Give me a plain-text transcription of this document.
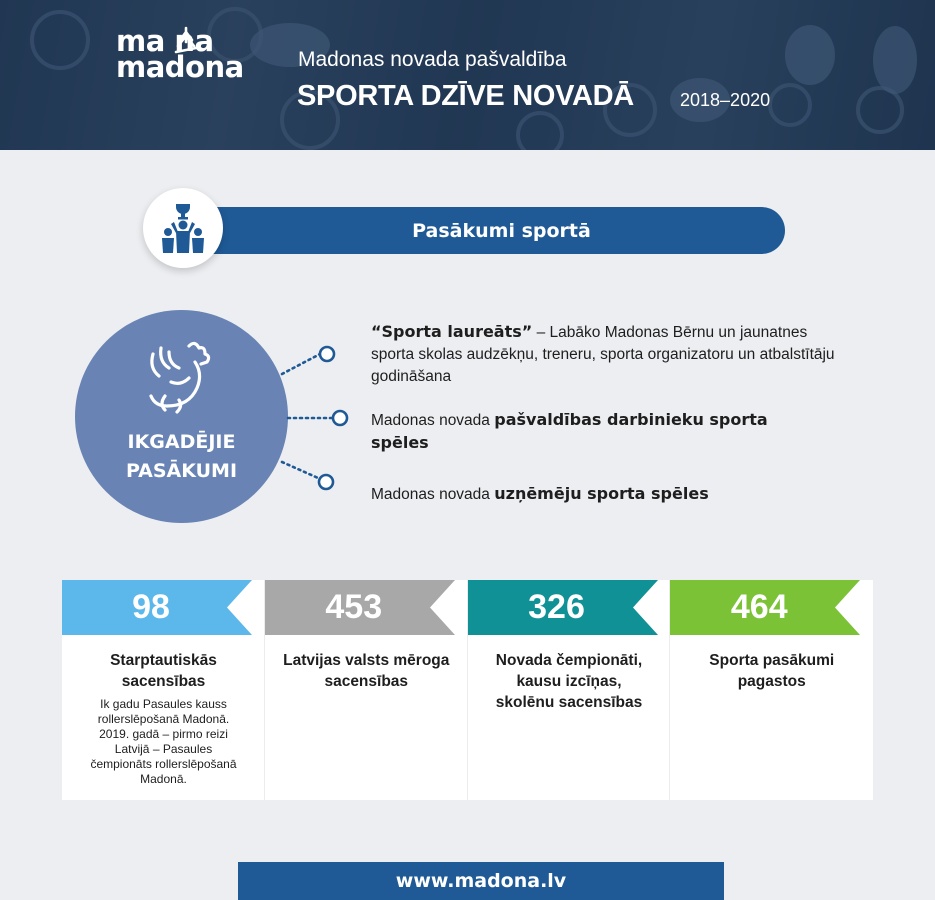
ma na
madona	Madonas novada pašvaldība
SPORTA DZĪVE NOVADĀ	2018–2020
Pasākumi sportā
IKGADĒJIE
PASĀKUMI
“Sporta laureāts” – Labāko Madonas Bērnu un jaunatnes sporta skolas audzēkņu, treneru, sporta organizatoru un atbalstītāju godināšana
Madonas novada pašvaldības darbinieku sporta spēles
Madonas novada uzņēmēju sporta spēles
98
Starptautiskās sacensības
Ik gadu Pasaules kauss rollerslēpošanā Madonā. 2019. gadā – pirmo reizi Latvijā – Pasaules čempionāts rollerslēpošanā Madonā.
453
Latvijas valsts mēroga sacensības
326
Novada čempionāti, kausu izcīņas, skolēnu sacensības
464
Sporta pasākumi pagastos
www.madona.lv
